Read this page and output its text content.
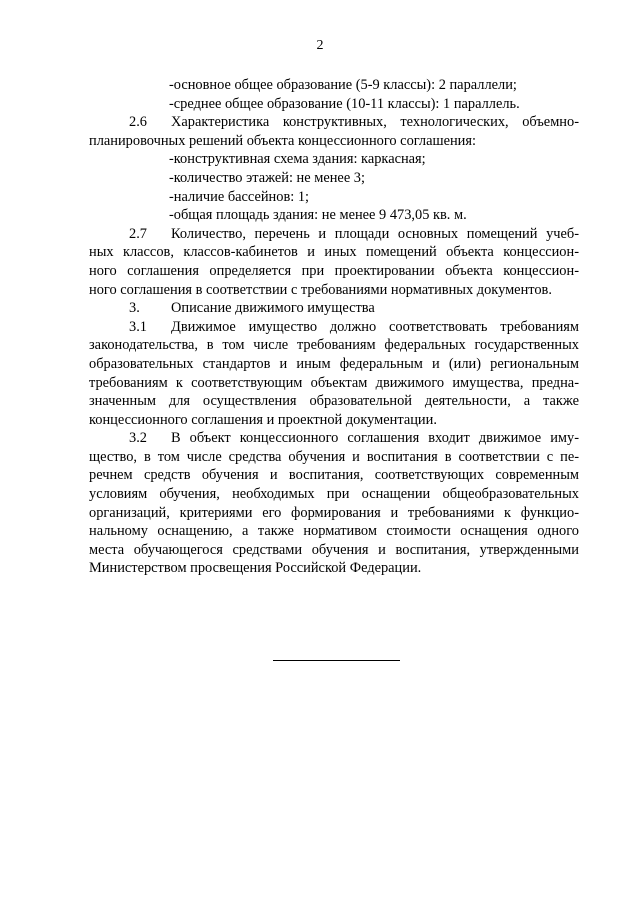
2
-основное общее образование (5-9 классы): 2 параллели;
-среднее общее образование (10-11 классы): 1 параллель.
2.6 Характеристика конструктивных, технологических, объемно-
планировочных решений объекта концессионного соглашения:
-конструктивная схема здания: каркасная;
-количество этажей: не менее 3;
-наличие бассейнов: 1;
-общая площадь здания: не менее 9 473,05 кв. м.
2.7 Количество, перечень и площади основных помещений учеб-
ных классов, классов-кабинетов и иных помещений объекта концессион-
ного соглашения определяется при проектировании объекта концессион-
ного соглашения в соответствии с требованиями нормативных документов.
3. Описание движимого имущества
3.1 Движимое имущество должно соответствовать требованиям
законодательства, в том числе требованиям федеральных государственных
образовательных стандартов и иным федеральным и (или) региональным
требованиям к соответствующим объектам движимого имущества, предна-
значенным для осуществления образовательной деятельности, а также
концессионного соглашения и проектной документации.
3.2 В объект концессионного соглашения входит движимое иму-
щество, в том числе средства обучения и воспитания в соответствии с пе-
речнем средств обучения и воспитания, соответствующих современным
условиям обучения, необходимых при оснащении общеобразовательных
организаций, критериями его формирования и требованиями к функцио-
нальному оснащению, а также нормативом стоимости оснащения одного
места обучающегося средствами обучения и воспитания, утвержденными
Министерством просвещения Российской Федерации.
